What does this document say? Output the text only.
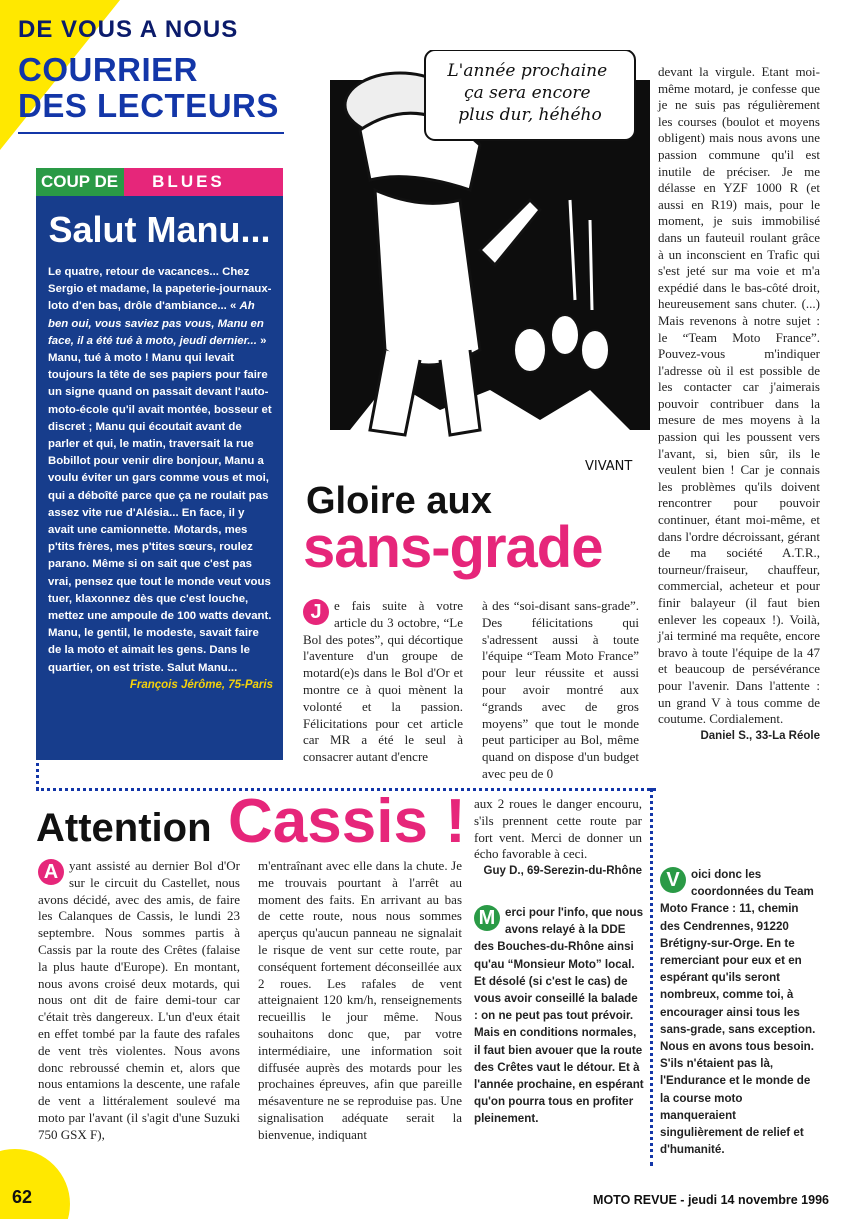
DE VOUS A NOUS
COURRIER
DES LECTEURS
COUP DE	BLUES
Salut Manu...
Le quatre, retour de vacances... Chez Sergio et madame, la papeterie-journaux-loto d'en bas, drôle d'ambiance... « Ah ben oui, vous saviez pas vous, Manu en face, il a été tué à moto, jeudi dernier... » Manu, tué à moto ! Manu qui levait toujours la tête de ses papiers pour faire un signe quand on passait devant l'auto-moto-école qu'il avait montée, bosseur et discret ; Manu qui écoutait avant de parler et qui, le matin, traversait la rue Bobillot pour venir dire bonjour, Manu a voulu éviter un gars comme vous et moi, qui a déboîté parce que ça ne roulait pas assez vite rue d'Alésia... En face, il y avait une camionnette. Motards, mes p'tits frères, mes p'tites sœurs, roulez parano. Même si on sait que c'est pas vrai, pensez que tout le monde veut vous tuer, klaxonnez dès que c'est louche, mettez une ampoule de 100 watts devant. Manu, le gentil, le modeste, savait faire de la moto et aimait les gens. Dans le quartier, on est triste. Salut Manu...
François Jérôme, 75-Paris
L'année prochaine ça sera encore plus dur, héhého
VIVANT
Gloire aux
sans-grade
J e fais suite à votre article du 3 octobre, “Le Bol des potes”, qui décortique l'aventure d'un groupe de motard(e)s dans le Bol d'Or et montre ce à quoi mènent la volonté et la passion. Félicitations pour cet article car MR a été le seul à consacrer autant d'encre
à des “soi-disant sans-grade”. Des félicitations qui s'adressent aussi à toute l'équipe “Team Moto France” pour leur réussite et aussi pour avoir montré aux “grands avec de gros moyens” que tout le monde peut participer au Bol, même quand on dispose d'un budget avec peu de 0
devant la virgule. Etant moi-même motard, je confesse que je ne suis pas régulièrement les courses (boulot et moyens obligent) mais nous avons une passion commune qu'il est inutile de préciser. Je me délasse en YZF 1000 R (et aussi en R19) mais, pour le moment, je suis immobilisé dans un fauteuil roulant grâce à un inconscient en Trafic qui s'est jeté sur ma voie et m'a expédié dans le bas-côté droit, heureusement sans chuter. (...) Mais revenons à notre sujet : le “Team Moto France”. Pouvez-vous m'indiquer l'adresse où il est possible de les contacter car j'aimerais pouvoir contribuer dans la mesure de mes moyens à la passion qui les poussent vers l'avant, si, bien sûr, ils le veulent bien ! Car je connais les problèmes qu'ils doivent rencontrer pour pouvoir continuer, étant moi-même, et dans l'ordre décroissant, gérant de ma société A.T.R., tourneur/fraiseur, chauffeur, commercial, acheteur et pour finir balayeur (il faut bien enlever les copeaux !). Voilà, j'ai terminé ma requête, encore bravo à toute l'équipe de la 47 et beaucoup de persévérance pour l'avenir. Dans l'attente : un grand V à tous comme de coutume. Cordialement.
Daniel S., 33-La Réole
Attention Cassis !
A yant assisté au dernier Bol d'Or sur le circuit du Castellet, nous avons décidé, avec des amis, de faire les Calanques de Cassis, le lundi 23 septembre. Nous sommes partis à Cassis par la route des Crêtes (falaise la plus haute d'Europe). En montant, nous avons croisé deux motards, qui nous ont dit de faire demi-tour car c'était très dangereux. L'un d'eux était en effet tombé par la faute des rafales de vent très violentes. Nous avons donc rebroussé chemin et, alors que nous entamions la descente, une rafale de vent a littéralement soulevé ma moto par l'avant (il s'agit d'une Suzuki 750 GSX F),
m'entraînant avec elle dans la chute. Je me trouvais pourtant à l'arrêt au moment des faits. En arrivant au bas de cette route, nous nous sommes aperçus qu'aucun panneau ne signalait le risque de vent sur cette route, par conséquent fortement déconseillée aux 2 roues. Les rafales de vent atteignaient 120 km/h, renseignements recueillis le jour même. Nous souhaitons donc que, par votre intermédiaire, une information soit diffusée auprès des motards pour les prochaines épreuves, afin que pareille mésaventure ne se reproduise pas. Une signalisation adéquate serait la bienvenue, indiquant
aux 2 roues le danger encouru, s'ils prennent cette route par fort vent. Merci de donner un écho favorable à ceci.
Guy D., 69-Serezin-du-Rhône
M erci pour l'info, que nous avons relayé à la DDE des Bouches-du-Rhône ainsi qu'au “Monsieur Moto” local. Et désolé (si c'est le cas) de vous avoir conseillé la balade : on ne peut pas tout prévoir. Mais en conditions normales, il faut bien avouer que la route des Crêtes vaut le détour. Et à l'année prochaine, en espérant qu'on pourra tous en profiter pleinement.
V oici donc les coordonnées du Team Moto France : 11, chemin des Cendrennes, 91220 Brétigny-sur-Orge. En te remerciant pour eux et en espérant qu'ils seront nombreux, comme toi, à encourager ainsi tous les sans-grade, sans exception. Nous en avons tous besoin. S'ils n'étaient pas là, l'Endurance et le monde de la course moto manqueraient singulièrement de relief et d'humanité.
62	MOTO REVUE - jeudi 14 novembre 1996
